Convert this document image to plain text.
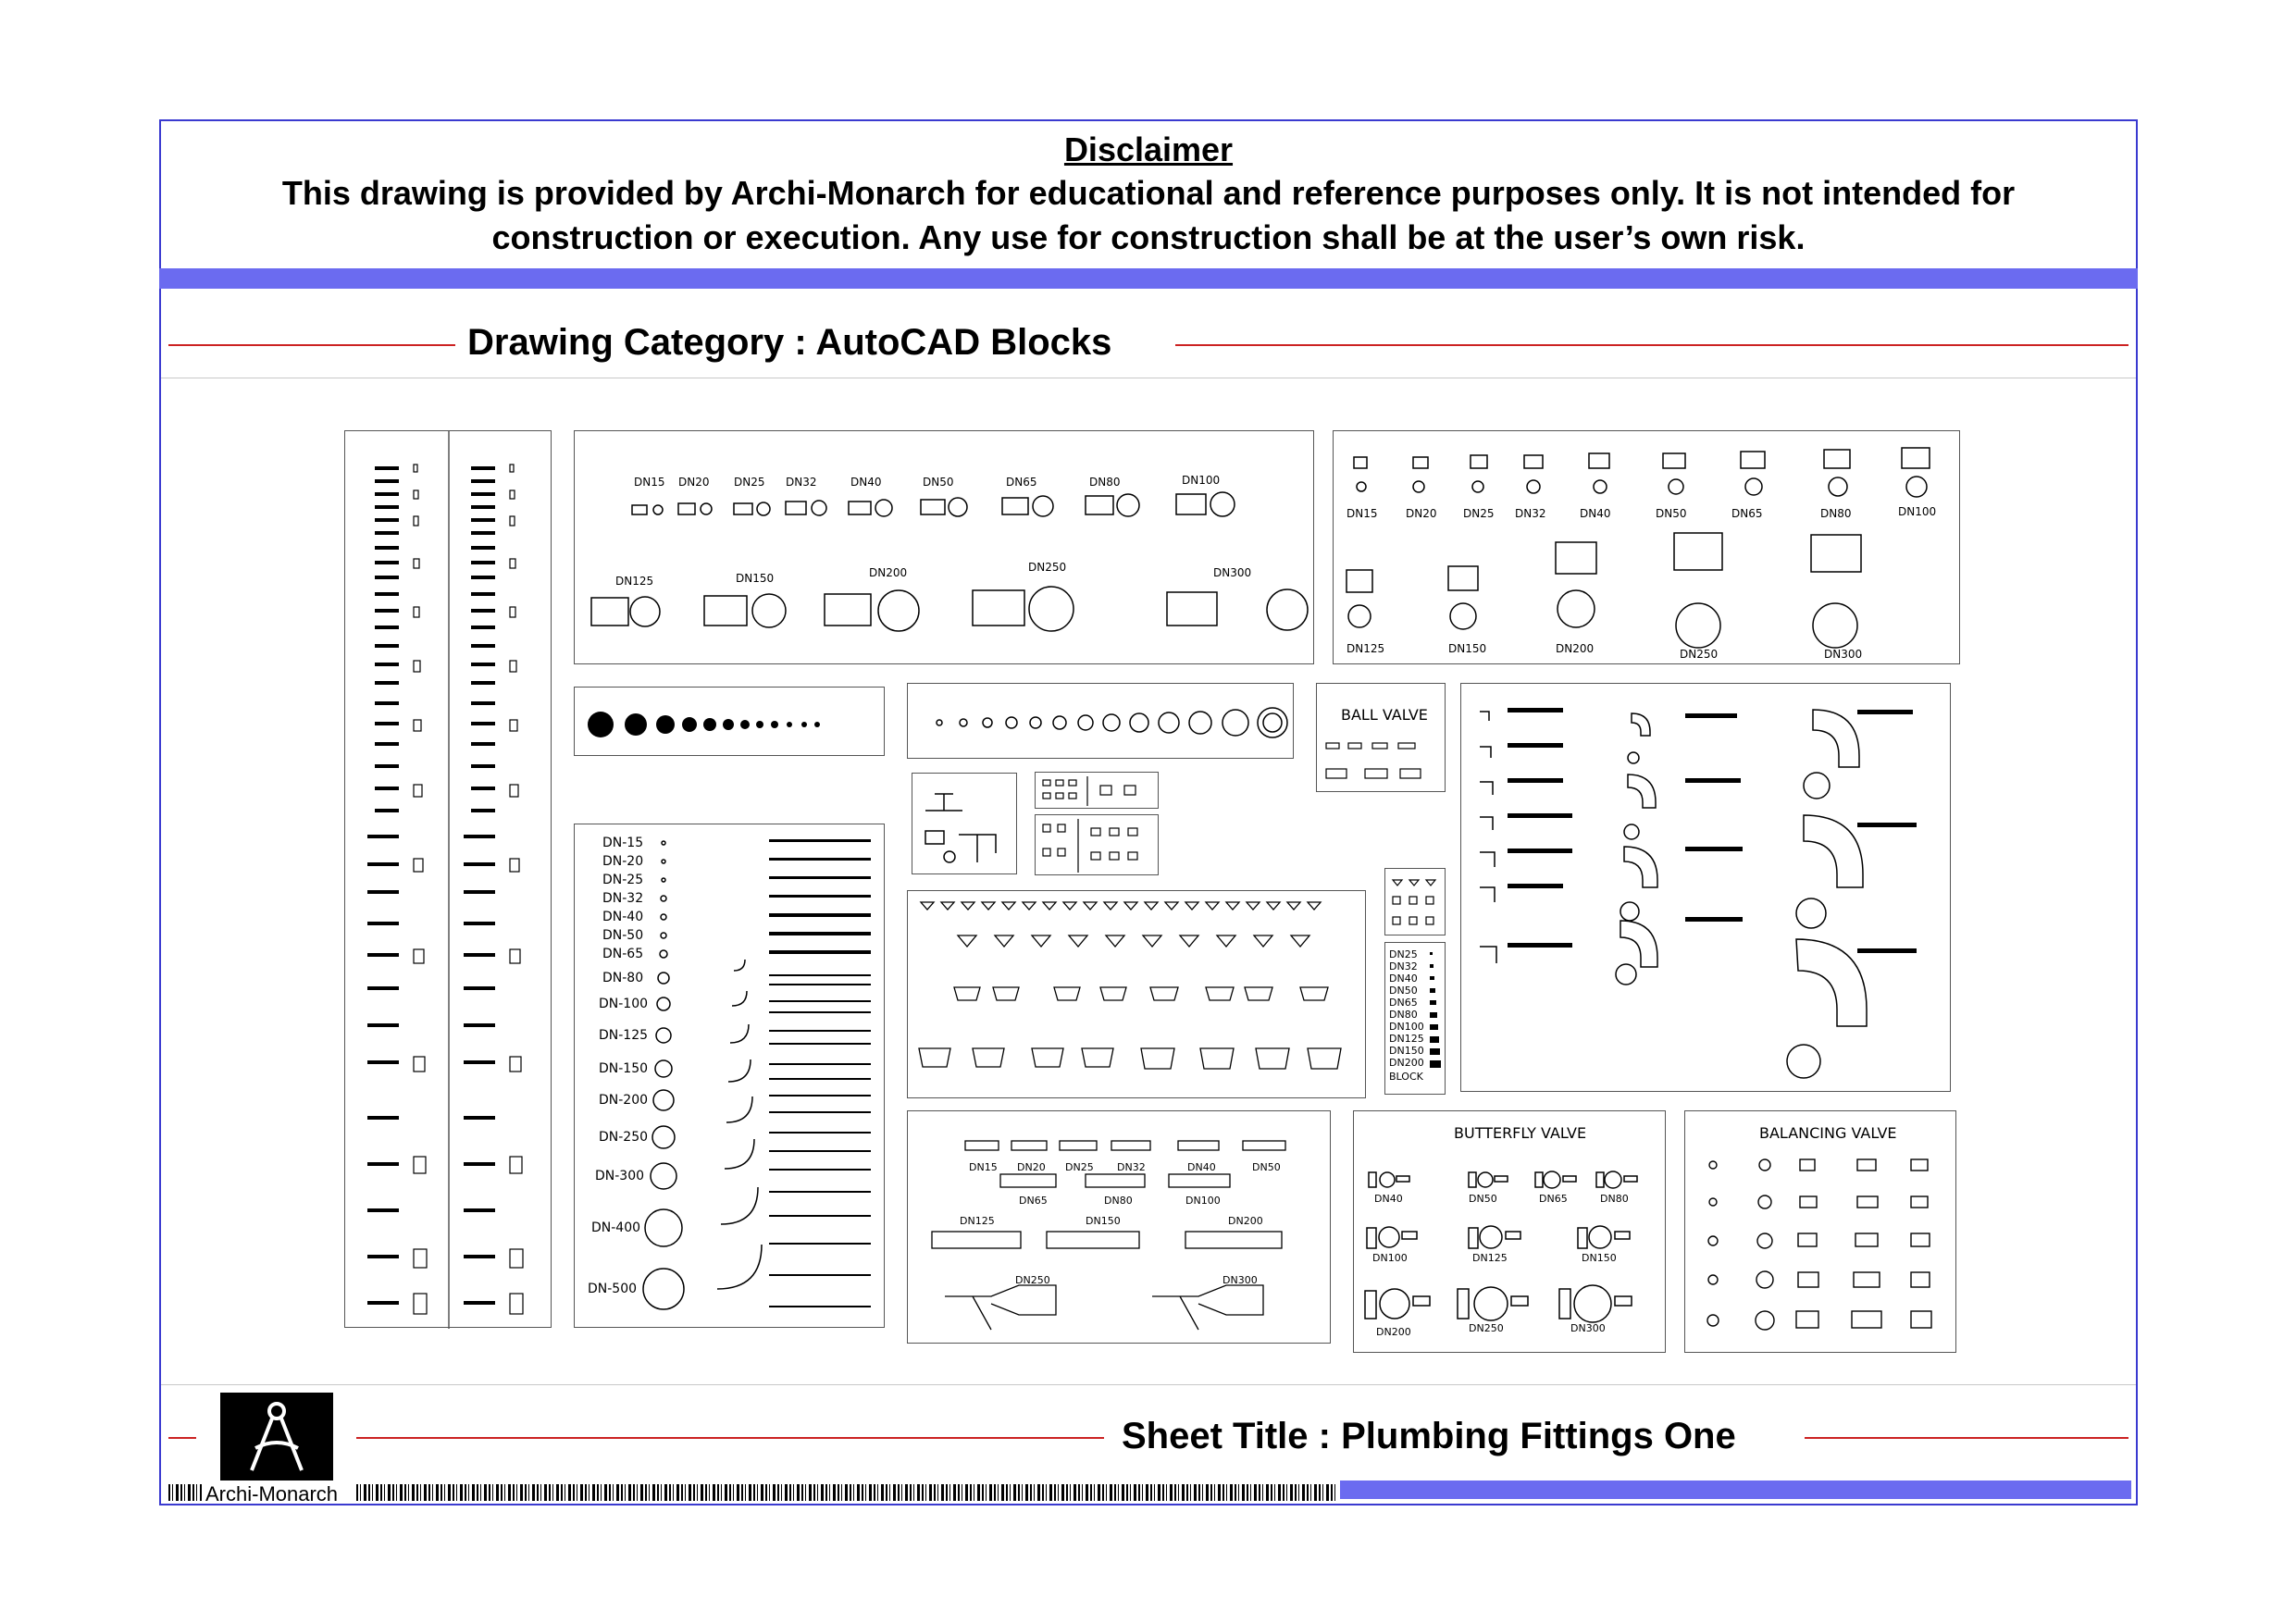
Disclaimer
This drawing is provided by Archi-Monarch for educational and reference purposes only. It is not intended for
construction or execution. Any use for construction shall be at the user’s own risk.
Drawing Category : AutoCAD Blocks
DN15 DN20 DN25 DN32	DN40	DN50	DN65	DN80	DN100
DN125	DN150	DN200	DN250	DN300
DN15	DN20 DN25 DN32	DN40	DN50	DN65	DN80	DN100
DN125	DN150	DN200	DN250	DN300
BALL VALVE
DN-15
DN-20
DN-25
DN-32
DN-40
DN-50
DN-65
DN-80
DN-100
DN-125
DN-150
DN-200
DN-250
DN-300
DN-400
DN-500
DN25
DN32
DN40
DN50
DN65
DN80
DN100
DN125
DN150
DN200
BLOCK
DN15 DN20 DN25 DN32	DN40	DN50
DN65	DN80	DN100
DN125	DN150	DN200
DN250	DN300
BUTTERFLY VALVE
DN40	DN50	DN65	DN80
DN100	DN125	DN150
DN200	DN250	DN300
BALANCING VALVE
Sheet Title : Plumbing Fittings One
Archi-Monarch
